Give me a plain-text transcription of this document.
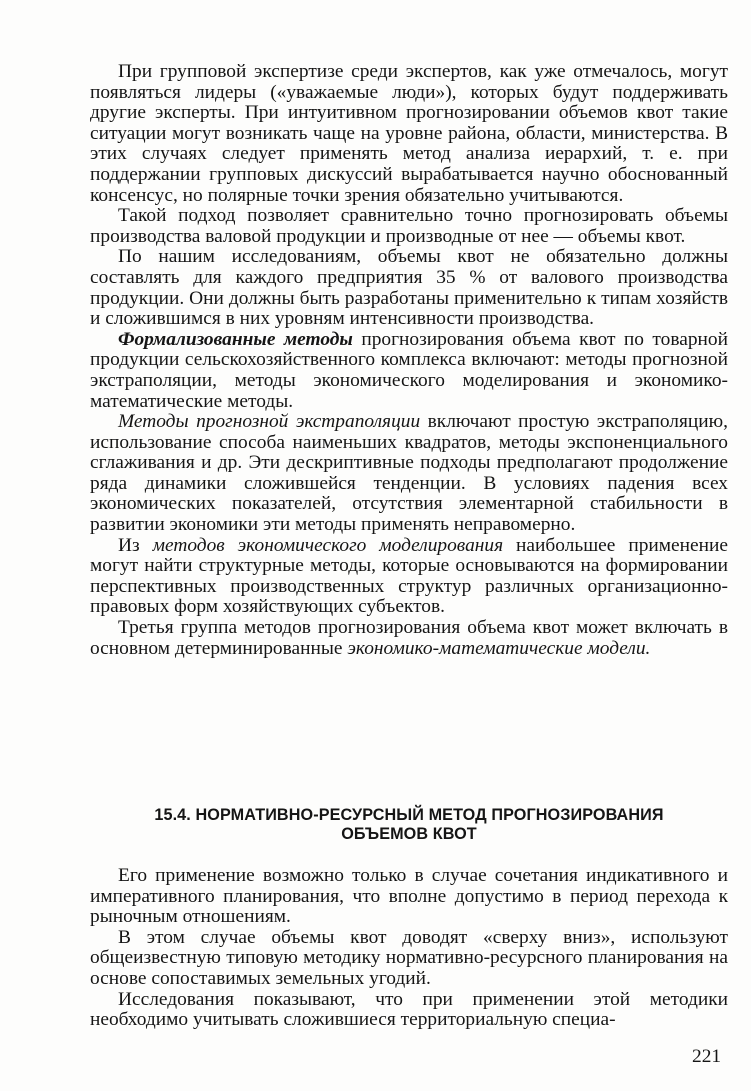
При групповой экспертизе среди экспертов, как уже отмечалось, могут появляться лидеры («уважаемые люди»), которых будут поддерживать другие эксперты. При интуитивном прогнозировании объемов квот такие ситуации могут возникать чаще на уровне района, области, министерства. В этих случаях следует применять метод анализа иерархий, т. е. при поддержании групповых дискуссий вырабатывается научно обоснованный консенсус, но полярные точки зрения обязательно учитываются.

Такой подход позволяет сравнительно точно прогнозировать объемы производства валовой продукции и производные от нее — объемы квот.

По нашим исследованиям, объемы квот не обязательно должны составлять для каждого предприятия 35 % от валового производства продукции. Они должны быть разработаны применительно к типам хозяйств и сложившимся в них уровням интенсивности производства.

Формализованные методы прогнозирования объема квот по товарной продукции сельскохозяйственного комплекса включают: методы прогнозной экстраполяции, методы экономического моделирования и экономико-математические методы.

Методы прогнозной экстраполяции включают простую экстраполяцию, использование способа наименьших квадратов, методы экспоненциального сглаживания и др. Эти дескриптивные подходы предполагают продолжение ряда динамики сложившейся тенденции. В условиях падения всех экономических показателей, отсутствия элементарной стабильности в развитии экономики эти методы применять неправомерно.

Из методов экономического моделирования наибольшее применение могут найти структурные методы, которые основываются на формировании перспективных производственных структур различных организационно-правовых форм хозяйствующих субъектов.

Третья группа методов прогнозирования объема квот может включать в основном детерминированные экономико-математические модели.

15.4. НОРМАТИВНО-РЕСУРСНЫЙ МЕТОД ПРОГНОЗИРОВАНИЯ
ОБЪЕМОВ КВОТ

Его применение возможно только в случае сочетания индикативного и императивного планирования, что вполне допустимо в период перехода к рыночным отношениям.

В этом случае объемы квот доводят «сверху вниз», используют общеизвестную типовую методику нормативно-ресурсного планирования на основе сопоставимых земельных угодий.

Исследования показывают, что при применении этой методики необходимо учитывать сложившиеся территориальную специа-

221
